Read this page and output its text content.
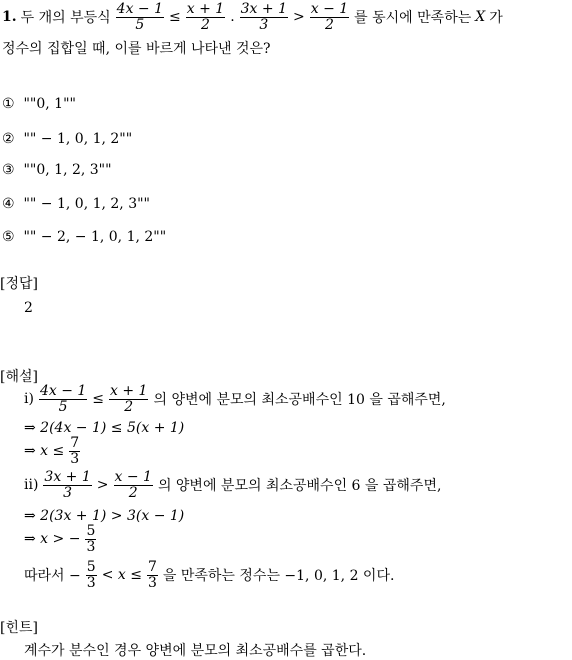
1. 두 개의 부등식 $\frac{4x - 1}{5} \le \frac{x + 1}{2}$ . $\frac{3x + 1}{3} > \frac{x - 1}{2}$ 를 동시에 만족하는 X 가
정수의 집합일 때, 이를 바르게 나타낸 것은?
① ""0, 1""
② "" − 1, 0, 1, 2""
③ ""0, 1, 2, 3""
④ "" − 1, 0, 1, 2, 3""
⑤ "" − 2, − 1, 0, 1, 2""
[정답]
2
[해설]
$i) \frac{4x - 1}{5} \le \frac{x + 1}{2}$ 의 양변에 분모의 최소공배수인 10 을 곱해주면,
⇒ 2(4x − 1) ≤ 5(x + 1)
⇒ $x \le \frac{7}{3}$
$ii) \frac{3x + 1}{3} > \frac{x - 1}{2}$ 의 양변에 분모의 최소공배수인 6 을 곱해주면,
⇒ 2(3x + 1) > 3(x − 1)
⇒ x > − $\frac{5}{3}$
따라서 − $\frac{5}{3} < x \le \frac{7}{3}$ 을 만족하는 정수는 −1, 0, 1, 2 이다.
[힌트]
계수가 분수인 경우 양변에 분모의 최소공배수를 곱한다.
